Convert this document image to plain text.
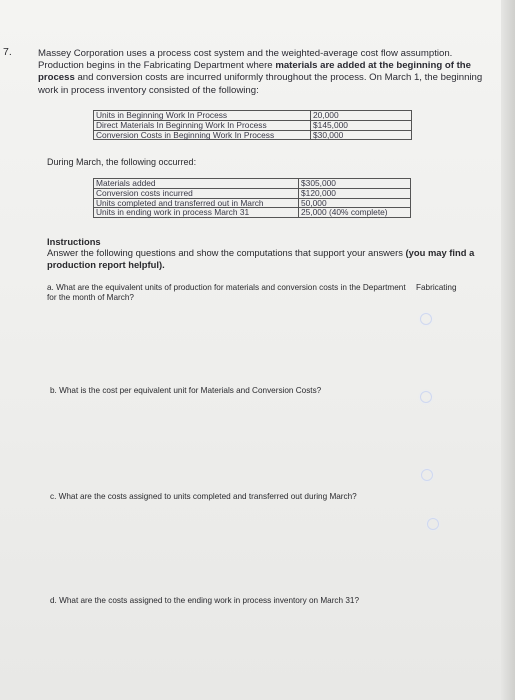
7.	Massey Corporation uses a process cost system and the weighted-average cost flow assumption. Production begins in the Fabricating Department where materials are added at the beginning of the process and conversion costs are incurred uniformly throughout the process. On March 1, the beginning work in process inventory consisted of the following:
Units in Beginning Work In Process	20,000
Direct Materials In Beginning Work In Process	$145,000
Conversion Costs in Beginning Work In Process	$30,000
During March, the following occurred:
Materials added	$305,000
Conversion costs incurred	$120,000
Units completed and transferred out in March	50,000
Units in ending work in process March 31	25,000 (40% complete)
Instructions
Answer the following questions and show the computations that support your answers (you may find a production report helpful).
a. What are the equivalent units of production for materials and conversion costs in the Department for the month of March?
Fabricating
b. What is the cost per equivalent unit for Materials and Conversion Costs?
c. What are the costs assigned to units completed and transferred out during March?
d. What are the costs assigned to the ending work in process inventory on March 31?
